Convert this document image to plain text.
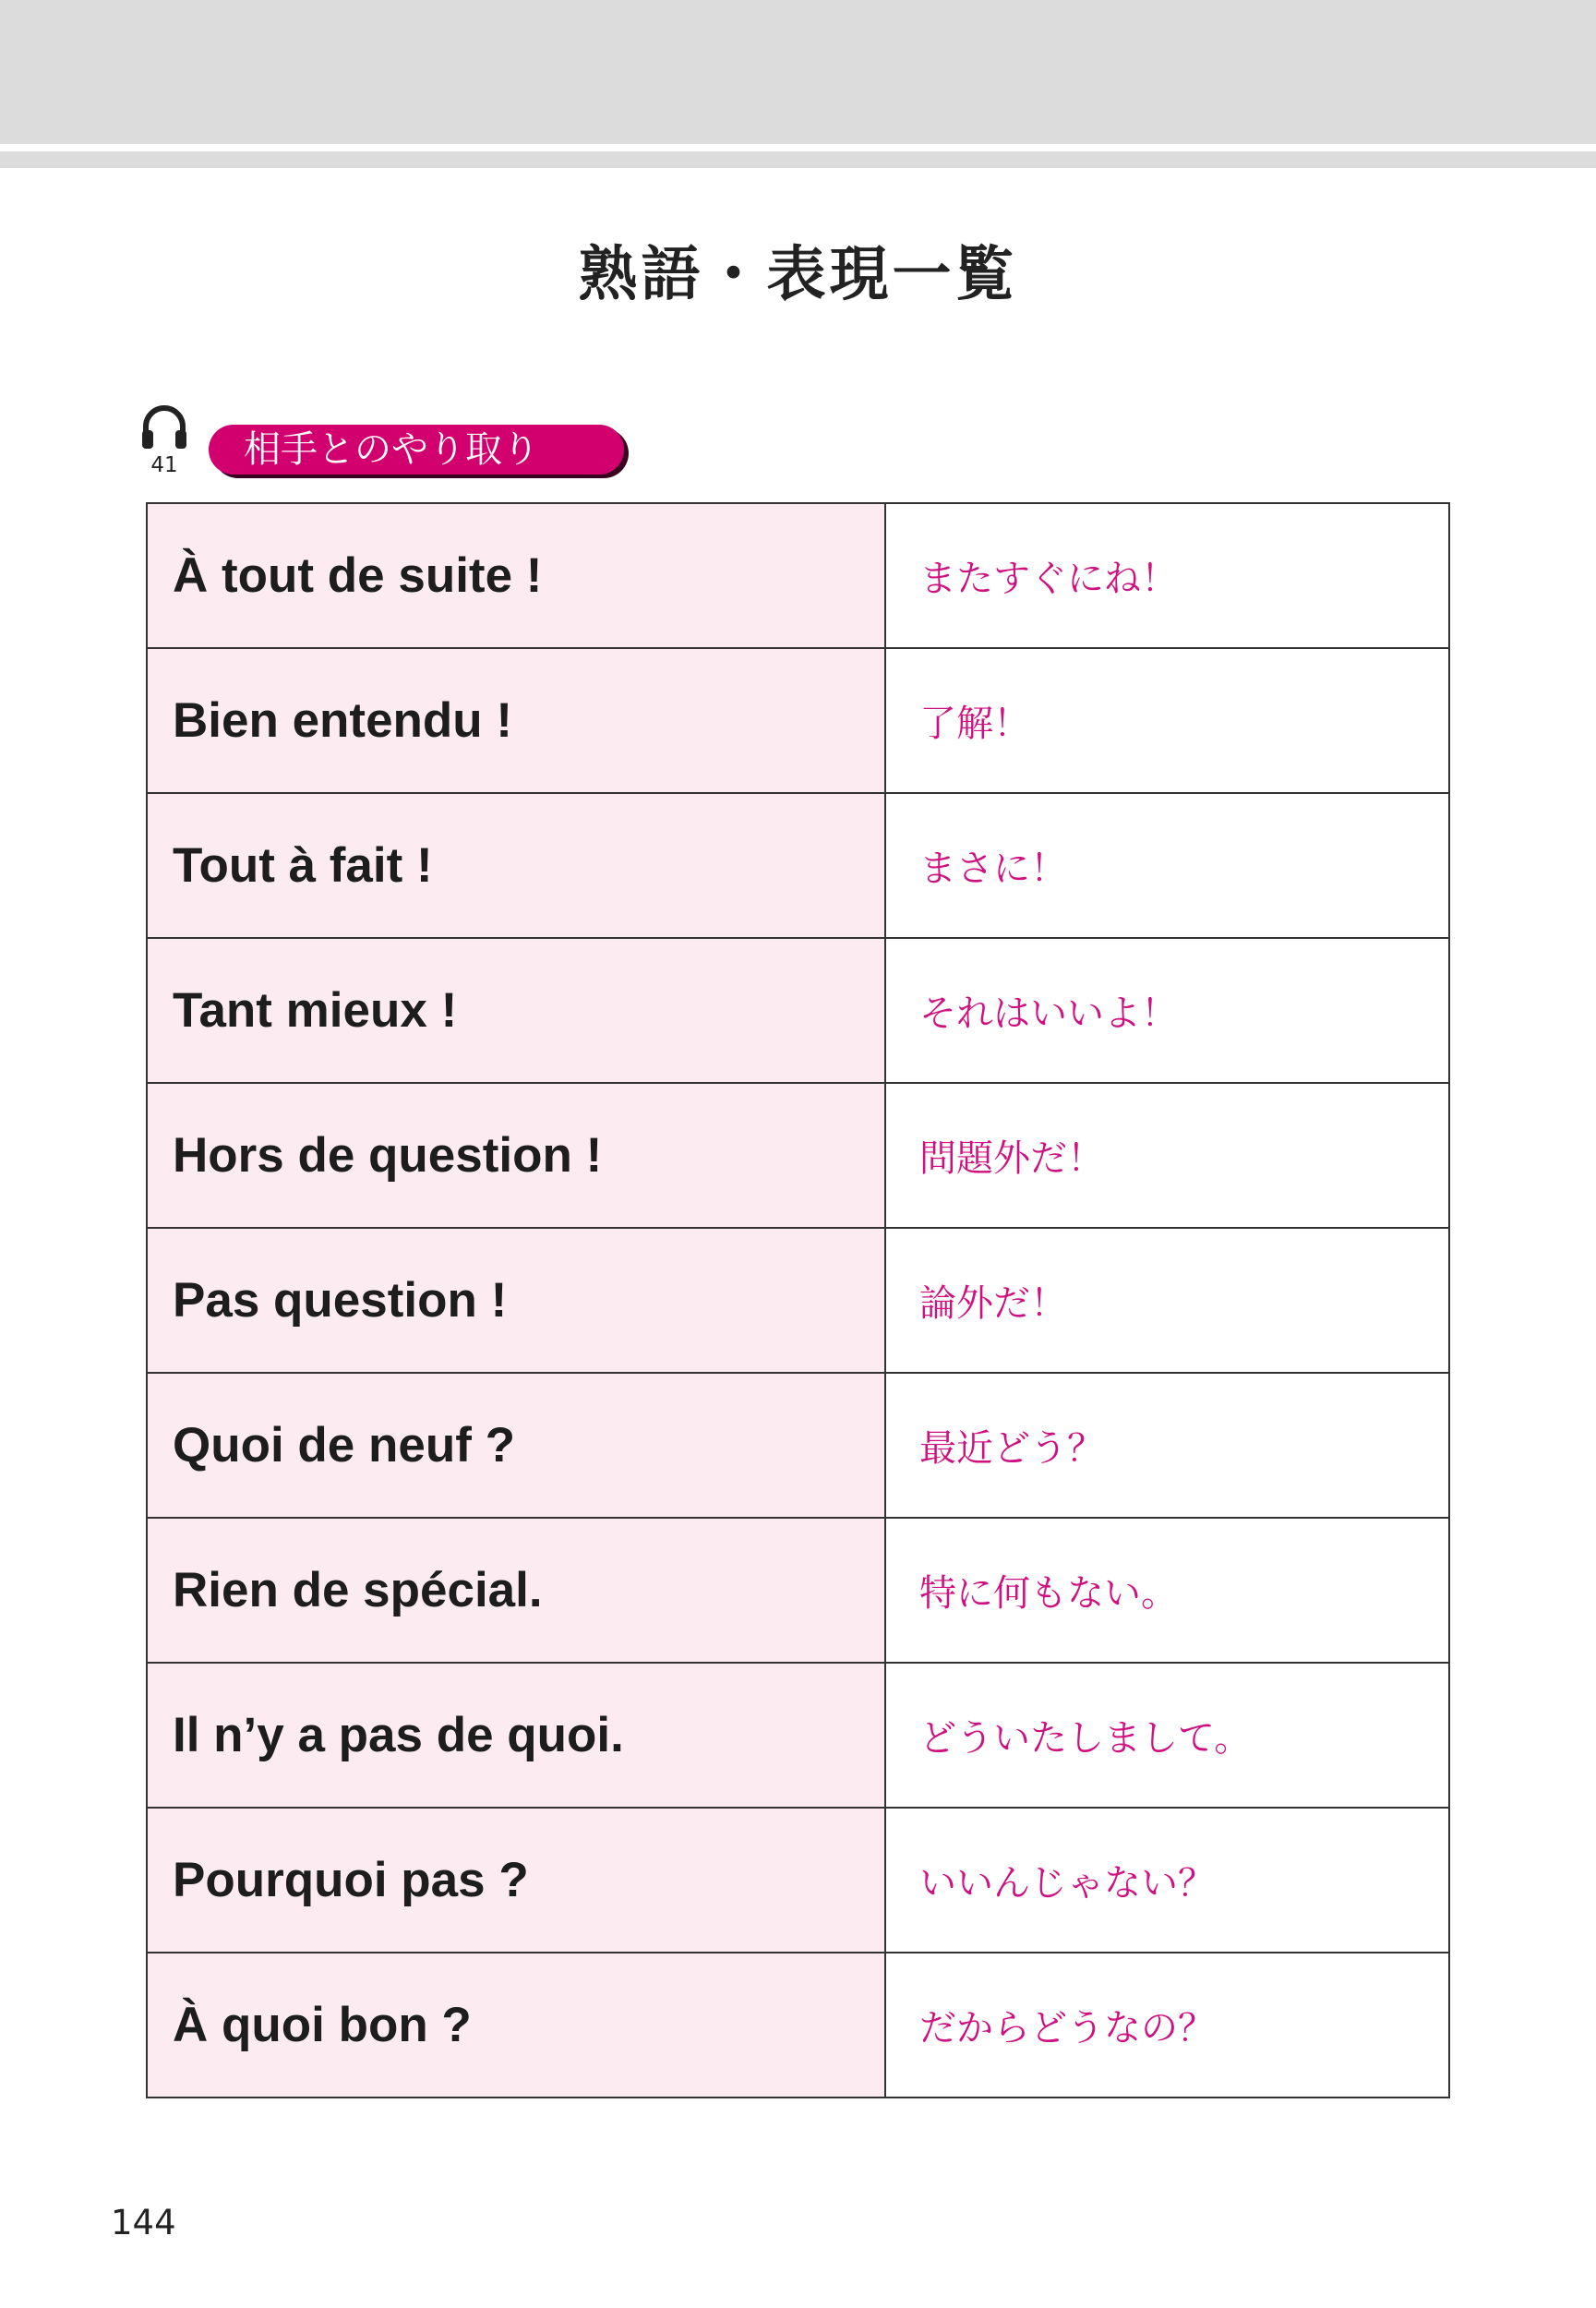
熟語・表現一覧
41	相手とのやり取り
À tout de suite !	またすぐにね！
Bien entendu !	了解！
Tout à fait !	まさに！
Tant mieux !	それはいいよ！
Hors de question !	問題外だ！
Pas question !	論外だ！
Quoi de neuf ?	最近どう？
Rien de spécial.	特に何もない。
Il n’y a pas de quoi.	どういたしまして。
Pourquoi pas ?	いいんじゃない？
À quoi bon ?	だからどうなの？
144
